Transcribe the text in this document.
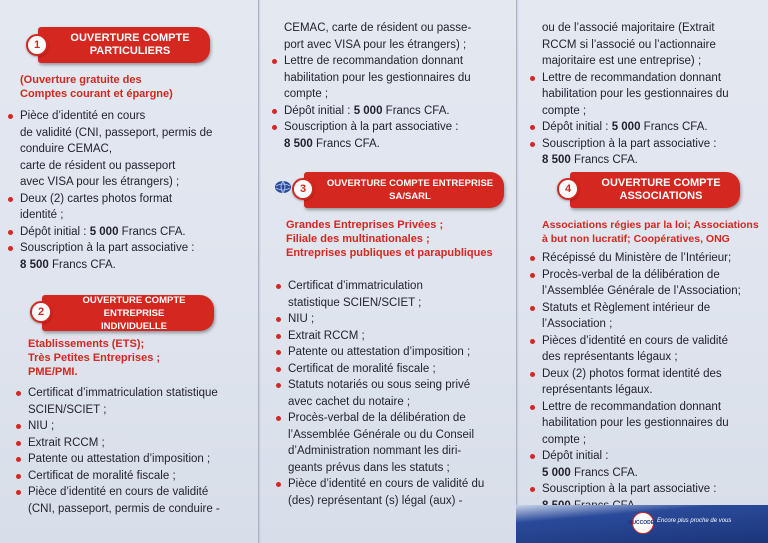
OUVERTURE COMPTE
PARTICULIERS
1
(Ouverture gratuite des
Comptes courant et épargne)
Pièce d’identité en cours
de validité (CNI, passeport, permis de
conduire CEMAC,
carte de résident ou passeport
avec VISA pour les étrangers) ;
Deux (2) cartes photos format
identité ;
Dépôt initial : 5 000 Francs CFA.
Souscription à la part associative :
8 500 Francs CFA.
OUVERTURE COMPTE ENTREPRISE
INDIVIDUELLE
2
Etablissements (ETS);
Très Petites Entreprises ;
PME/PMI.
Certificat d’immatriculation statistique
SCIEN/SCIET ;
NIU ;
Extrait RCCM ;
Patente ou attestation d’imposition ;
Certificat de moralité fiscale ;
Pièce d’identité en cours de validité
(CNI, passeport, permis de conduire -
CEMAC, carte de résident ou passe-
port avec VISA pour les étrangers) ;
Lettre de recommandation donnant
habilitation pour les gestionnaires du
compte ;
Dépôt initial : 5 000 Francs CFA.
Souscription à la part associative :
8 500 Francs CFA.
OUVERTURE COMPTE ENTREPRISE
SA/SARL
3
Grandes Entreprises Privées ;
Filiale des multinationales ;
Entreprises publiques et parapubliques
Certificat d’immatriculation
statistique SCIEN/SCIET ;
NIU ;
Extrait RCCM ;
Patente ou attestation d’imposition ;
Certificat de moralité fiscale ;
Statuts notariés ou sous seing privé
avec cachet du notaire ;
Procès-verbal de la délibération de
l’Assemblée Générale ou du Conseil
d’Administration nommant les diri-
geants prévus dans les statuts ;
Pièce d’identité en cours de validité du
(des) représentant (s) légal (aux) -
ou de l’associé majoritaire (Extrait
RCCM si l’associé ou l’actionnaire
majoritaire est une entreprise) ;
Lettre de recommandation donnant
habilitation pour les gestionnaires du
compte ;
Dépôt initial : 5 000 Francs CFA.
Souscription à la part associative :
8 500 Francs CFA.
OUVERTURE COMPTE
ASSOCIATIONS
4
Associations régies par la loi; Associations
à but non lucratif; Coopératives, ONG
Récépissé du Ministère de l’Intérieur;
Procès-verbal de la délibération de
l’Assemblée Générale de l’Association;
Statuts et Règlement intérieur de
l’Association ;
Pièces d’identité en cours de validité
des représentants légaux ;
Deux (2) photos format identité des
représentants légaux.
Lettre de recommandation donnant
habilitation pour les gestionnaires du
compte ;
Dépôt initial :
5 000 Francs CFA.
Souscription à la part associative :
MUCCODEC Encore plus proche de vous
